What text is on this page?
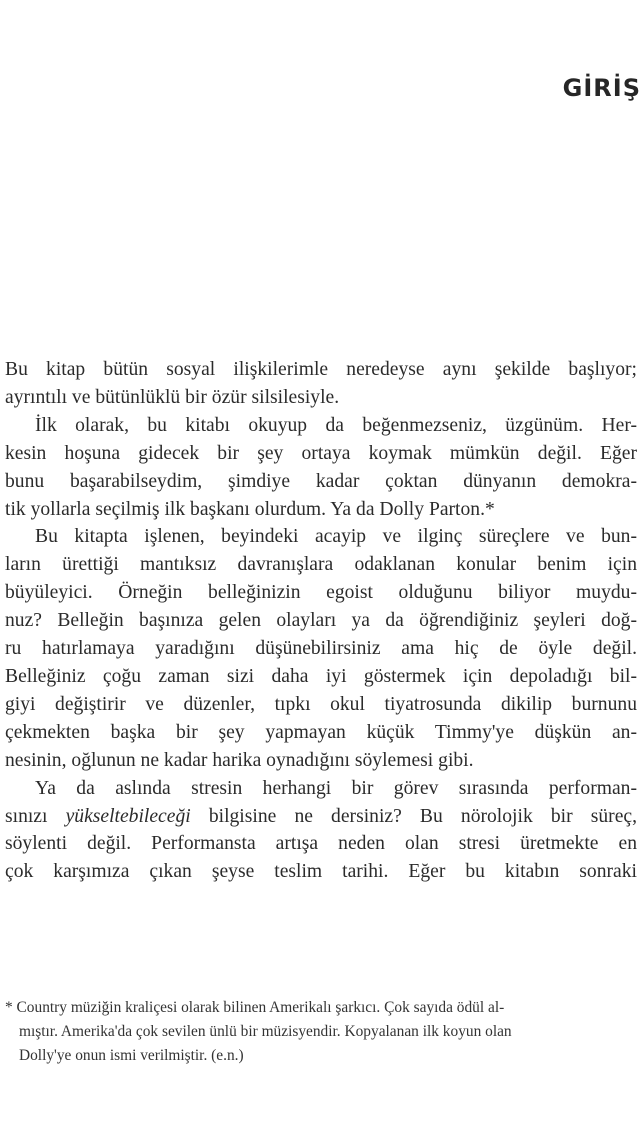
GİRİŞ
Bu kitap bütün sosyal ilişkilerimle neredeyse aynı şekilde başlıyor;
ayrıntılı ve bütünlüklü bir özür silsilesiyle.
İlk olarak, bu kitabı okuyup da beğenmezseniz, üzgünüm. Her-
kesin hoşuna gidecek bir şey ortaya koymak mümkün değil. Eğer
bunu başarabilseydim, şimdiye kadar çoktan dünyanın demokra-
tik yollarla seçilmiş ilk başkanı olurdum. Ya da Dolly Parton.*
Bu kitapta işlenen, beyindeki acayip ve ilginç süreçlere ve bun-
ların ürettiği mantıksız davranışlara odaklanan konular benim için
büyüleyici. Örneğin belleğinizin egoist olduğunu biliyor muydu-
nuz? Belleğin başınıza gelen olayları ya da öğrendiğiniz şeyleri doğ-
ru hatırlamaya yaradığını düşünebilirsiniz ama hiç de öyle değil.
Belleğiniz çoğu zaman sizi daha iyi göstermek için depoladığı bil-
giyi değiştirir ve düzenler, tıpkı okul tiyatrosunda dikilip burnunu
çekmekten başka bir şey yapmayan küçük Timmy'ye düşkün an-
nesinin, oğlunun ne kadar harika oynadığını söylemesi gibi.
Ya da aslında stresin herhangi bir görev sırasında performan-
sınızı yükseltebileceği bilgisine ne dersiniz? Bu nörolojik bir süreç,
söylenti değil. Performansta artışa neden olan stresi üretmekte en
çok karşımıza çıkan şeyse teslim tarihi. Eğer bu kitabın sonraki
* Country müziğin kraliçesi olarak bilinen Amerikalı şarkıcı. Çok sayıda ödül al-
mıştır. Amerika'da çok sevilen ünlü bir müzisyendir. Kopyalanan ilk koyun olan
Dolly'ye onun ismi verilmiştir. (e.n.)
